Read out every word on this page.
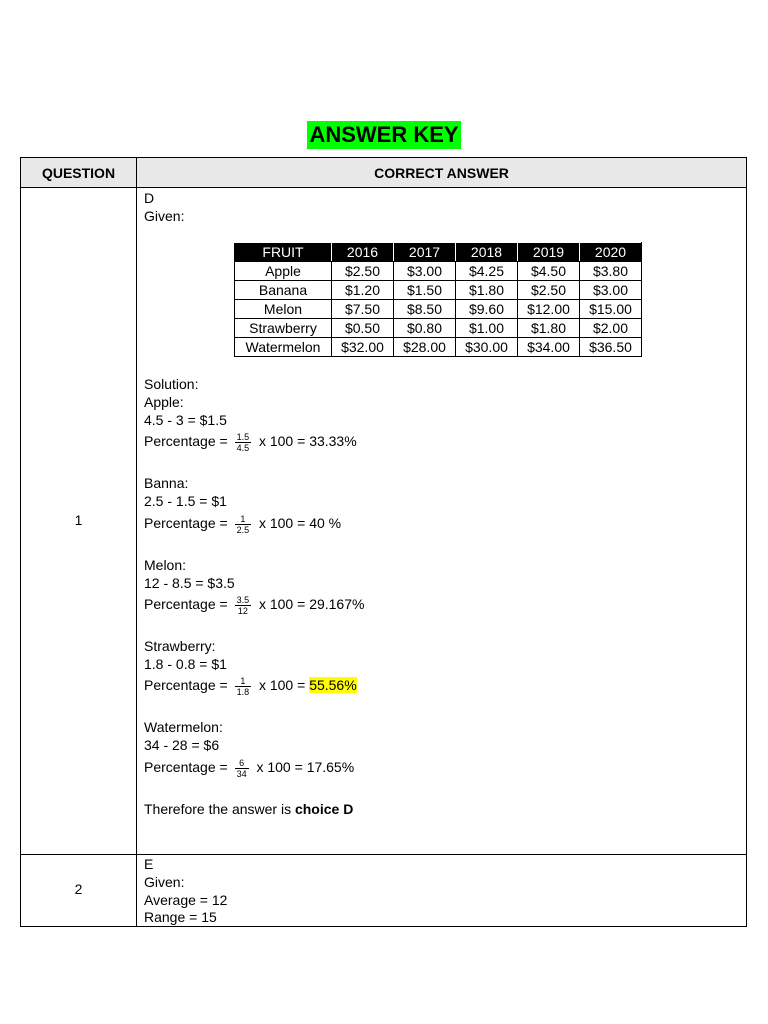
ANSWER KEY
QUESTION	CORRECT ANSWER
1
D
Given:
FRUIT	2016	2017	2018	2019	2020
Apple	$2.50	$3.00	$4.25	$4.50	$3.80
Banana	$1.20	$1.50	$1.80	$2.50	$3.00
Melon	$7.50	$8.50	$9.60	$12.00	$15.00
Strawberry	$0.50	$0.80	$1.00	$1.80	$2.00
Watermelon	$32.00	$28.00	$30.00	$34.00	$36.50
Solution:
Apple:
4.5 - 3 = $1.5
Percentage = $\frac{1.5}{4.5}$ x 100 = 33.33%
Banna:
2.5 - 1.5 = $1
Percentage = $\frac{1}{2.5}$ x 100 = 40 %
Melon:
12 - 8.5 = $3.5
Percentage = $\frac{3.5}{12}$ x 100 = 29.167%
Strawberry:
1.8 - 0.8 = $1
Percentage = $\frac{1}{1.8}$ x 100 = 55.56%
Watermelon:
34 - 28 = $6
Percentage = $\frac{6}{34}$ x 100 = 17.65%
Therefore the answer is choice D
2
E
Given:
Average = 12
Range = 15
